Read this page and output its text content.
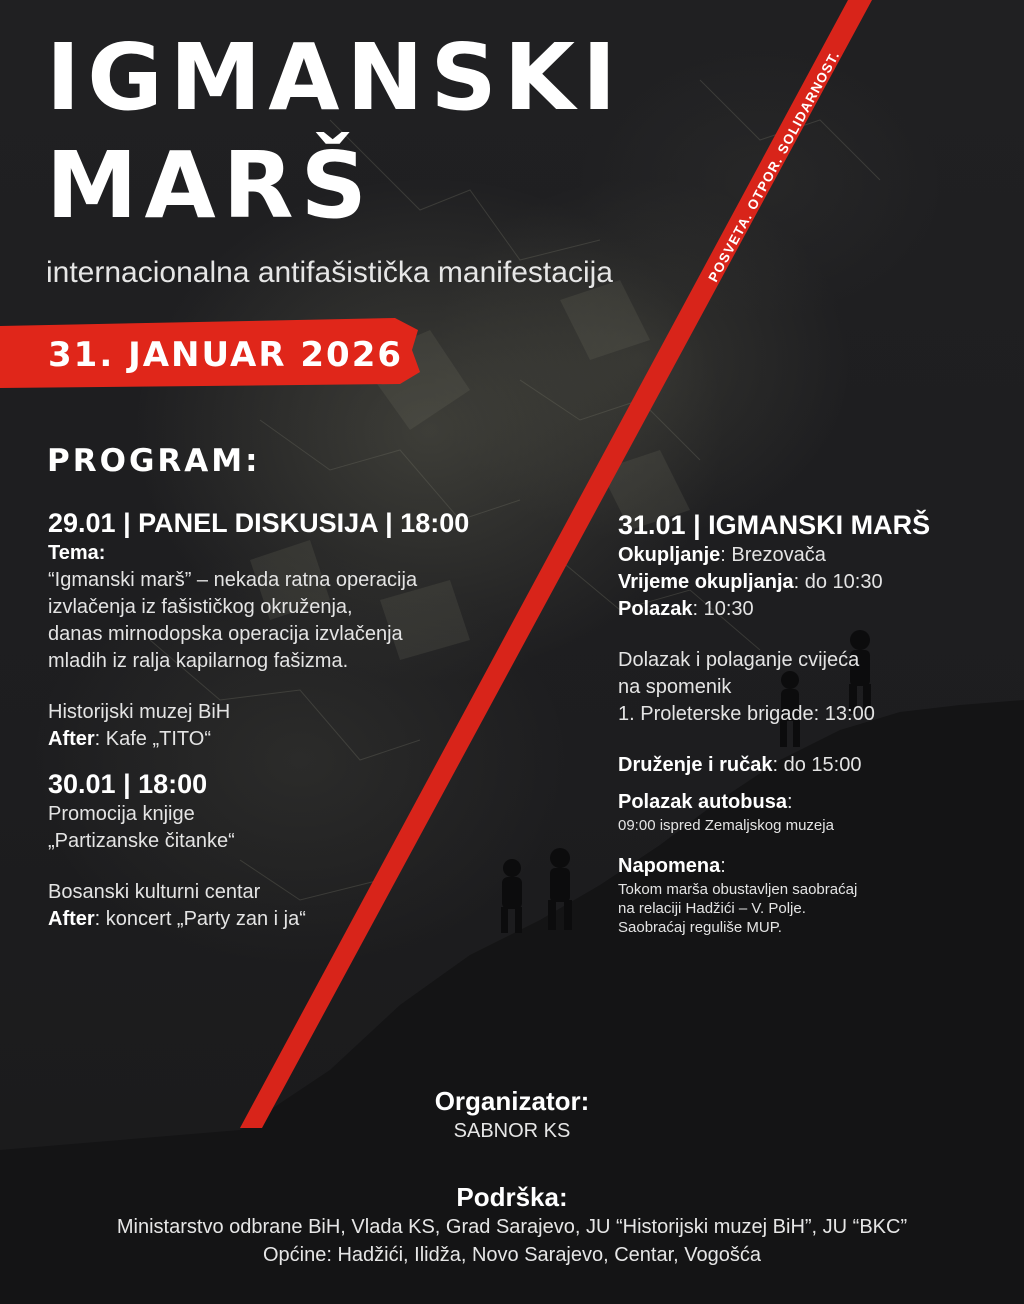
POSVETA. OTPOR. SOLIDARNOST.
IGMANSKI
MARŠ
internacionalna antifašistička manifestacija
31. JANUAR 2026
PROGRAM:
29.01 | PANEL DISKUSIJA | 18:00
Tema:
“Igmanski marš” – nekada ratna operacija
izvlačenja iz fašističkog okruženja,
danas mirnodopska operacija izvlačenja
mladih iz ralja kapilarnog fašizma.
Historijski muzej BiH
After: Kafe „TITO“
30.01 | 18:00
Promocija knjige
„Partizanske čitanke“
Bosanski kulturni centar
After: koncert „Party zan i ja“
31.01 | IGMANSKI MARŠ
Okupljanje: Brezovača
Vrijeme okupljanja: do 10:30
Polazak: 10:30
Dolazak i polaganje cvijeća
na spomenik
1. Proleterske brigade: 13:00
Druženje i ručak: do 15:00
Polazak autobusa:
09:00 ispred Zemaljskog muzeja
Napomena:
Tokom marša obustavljen saobraćaj
na relaciji Hadžići – V. Polje.
Saobraćaj reguliše MUP.
Organizator:
SABNOR KS
Podrška:
Ministarstvo odbrane BiH, Vlada KS, Grad Sarajevo, JU “Historijski muzej BiH”, JU “BKC”
Općine: Hadžići, Ilidža, Novo Sarajevo, Centar, Vogošća
